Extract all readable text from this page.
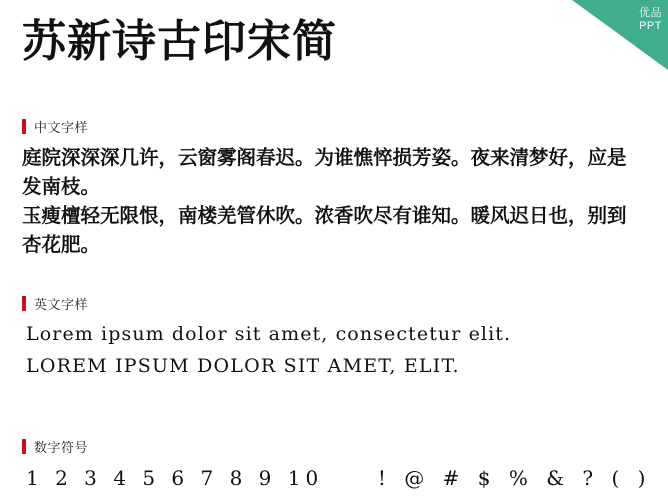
优品
PPT
苏新诗古印宋简
中文字样
庭院深深深几许，云窗雾阁春迟。为谁憔悴损芳姿。夜来清梦好，应是发南枝。
玉瘦檀轻无限恨，南楼羌管休吹。浓香吹尽有谁知。暖风迟日也，别到杏花肥。
英文字样
Lorem ipsum dolor sit amet, consectetur elit.
LOREM IPSUM DOLOR SIT AMET, ELIT.
数字符号
1 2 3 4 5 6 7 8 9 10	! @ # $ % & ? ( )
